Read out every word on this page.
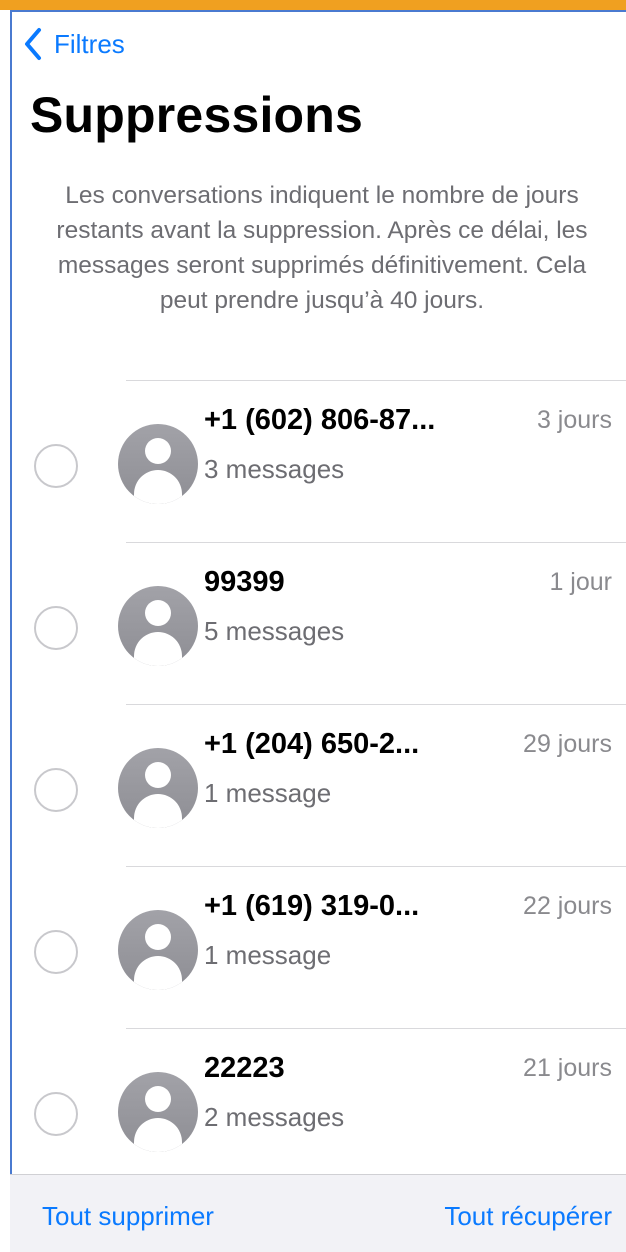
Filtres
Suppressions
Les conversations indiquent le nombre de jours restants avant la suppression. Après ce délai, les messages seront supprimés définitivement. Cela peut prendre jusqu’à 40 jours.
+1 (602) 806-87...	3 jours
3 messages
99399	1 jour
5 messages
+1 (204) 650-2...	29 jours
1 message
+1 (619) 319-0...	22 jours
1 message
22223	21 jours
2 messages
Tout supprimer	Tout récupérer
